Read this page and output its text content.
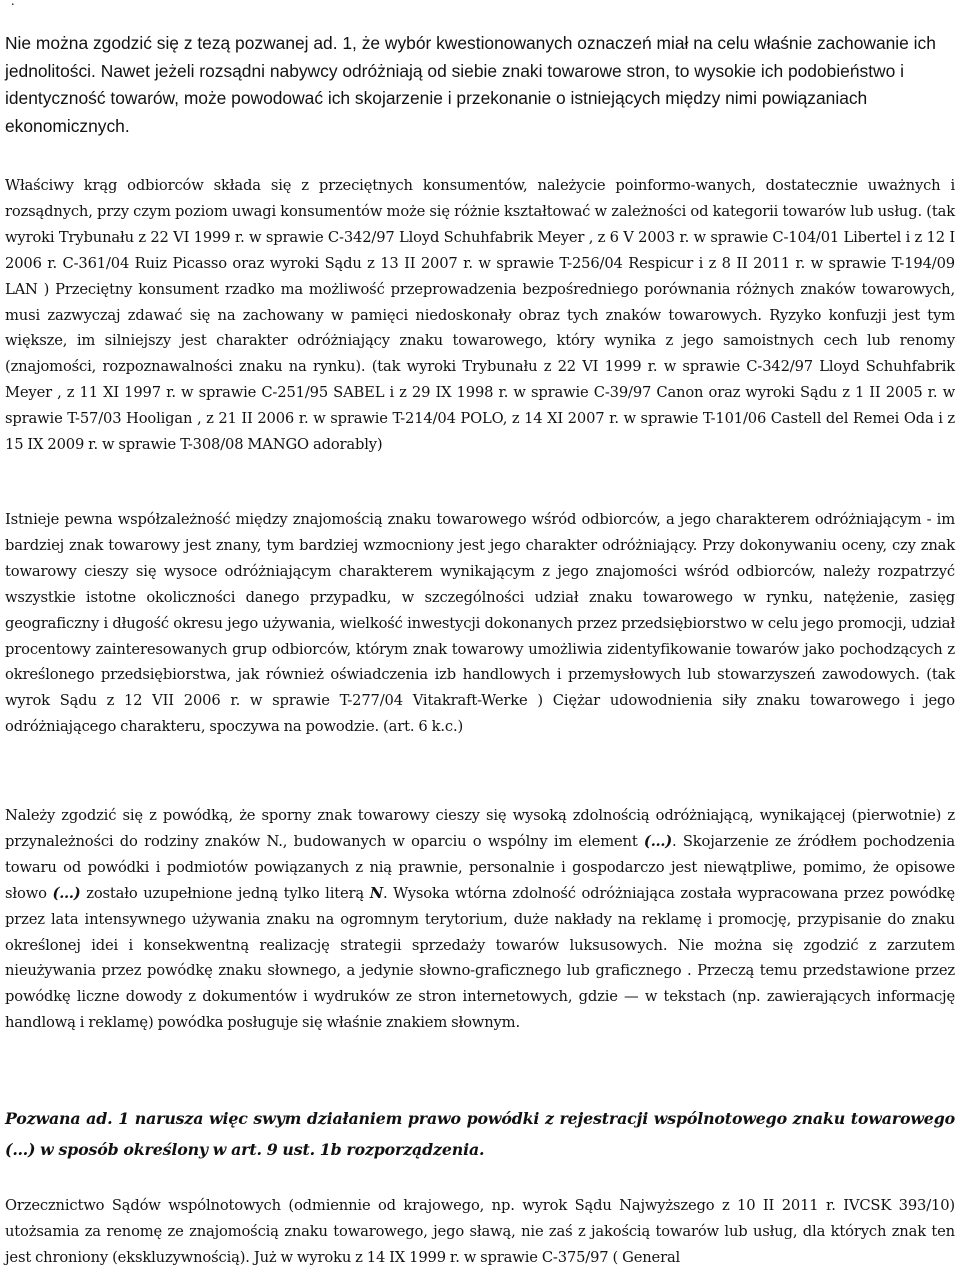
.

Nie można zgodzić się z tezą pozwanej ad. 1, że wybór kwestionowanych oznaczeń miał na celu właśnie zachowanie ich jednolitości. Nawet jeżeli rozsądni nabywcy odróżniają od siebie znaki towarowe stron, to wysokie ich podobieństwo i identyczność towarów, może powodować ich skojarzenie i przekonanie o istniejących między nimi powiązaniach ekonomicznych.

Właściwy krąg odbiorców składa się z przeciętnych konsumentów, należycie poinformo-wanych, dostatecznie uważnych i rozsądnych, przy czym poziom uwagi konsumentów może się różnie kształtować w zależności od kategorii towarów lub usług. (tak wyroki Trybunału z 22 VI 1999 r. w sprawie C-342/97 Lloyd Schuhfabrik Meyer , z 6 V 2003 r. w sprawie C-104/01 Libertel i z 12 I 2006 r. C-361/04 Ruiz Picasso oraz wyroki Sądu z 13 II 2007 r. w sprawie T-256/04 Respicur i z 8 II 2011 r. w sprawie T-194/09 LAN ) Przeciętny konsument rzadko ma możliwość przeprowadzenia bezpośredniego porównania różnych znaków towarowych, musi zazwyczaj zdawać się na zachowany w pamięci niedoskonały obraz tych znaków towarowych. Ryzyko konfuzji jest tym większe, im silniejszy jest charakter odróżniający znaku towarowego, który wynika z jego samoistnych cech lub renomy (znajomości, rozpoznawalności znaku na rynku). (tak wyroki Trybunału z 22 VI 1999 r. w sprawie C-342/97 Lloyd Schuhfabrik Meyer , z 11 XI 1997 r. w sprawie C-251/95 SABEL i z 29 IX 1998 r. w sprawie C-39/97 Canon oraz wyroki Sądu z 1 II 2005 r. w sprawie T-57/03 Hooligan , z 21 II 2006 r. w sprawie T-214/04 POLO, z 14 XI 2007 r. w sprawie T-101/06 Castell del Remei Oda i z 15 IX 2009 r. w sprawie T-308/08 MANGO adorably)

Istnieje pewna współzależność między znajomością znaku towarowego wśród odbiorców, a jego charakterem odróżniającym - im bardziej znak towarowy jest znany, tym bardziej wzmocniony jest jego charakter odróżniający. Przy dokonywaniu oceny, czy znak towarowy cieszy się wysoce odróżniającym charakterem wynikającym z jego znajomości wśród odbiorców, należy rozpatrzyć wszystkie istotne okoliczności danego przypadku, w szczególności udział znaku towarowego w rynku, natężenie, zasięg geograficzny i długość okresu jego używania, wielkość inwestycji dokonanych przez przedsiębiorstwo w celu jego promocji, udział procentowy zainteresowanych grup odbiorców, którym znak towarowy umożliwia zidentyfikowanie towarów jako pochodzących z określonego przedsiębiorstwa, jak również oświadczenia izb handlowych i przemysłowych lub stowarzyszeń zawodowych. (tak wyrok Sądu z 12 VII 2006 r. w sprawie T-277/04 Vitakraft-Werke ) Ciężar udowodnienia siły znaku towarowego i jego odróżniającego charakteru, spoczywa na powodzie. (art. 6 k.c.)

Należy zgodzić się z powódką, że sporny znak towarowy cieszy się wysoką zdolnością odróżniającą, wynikającej (pierwotnie) z przynależności do rodziny znaków N., budowanych w oparciu o wspólny im element (…). Skojarzenie ze źródłem pochodzenia towaru od powódki i podmiotów powiązanych z nią prawnie, personalnie i gospodarczo jest niewątpliwe, pomimo, że opisowe słowo (…) zostało uzupełnione jedną tylko literą N. Wysoka wtórna zdolność odróżniająca została wypracowana przez powódkę przez lata intensywnego używania znaku na ogromnym terytorium, duże nakłady na reklamę i promocję, przypisanie do znaku określonej idei i konsekwentną realizację strategii sprzedaży towarów luksusowych. Nie można się zgodzić z zarzutem nieużywania przez powódkę znaku słownego, a jedynie słowno-graficznego lub graficznego . Przeczą temu przedstawione przez powódkę liczne dowody z dokumentów i wydruków ze stron internetowych, gdzie — w tekstach (np. zawierających informację handlową i reklamę) powódka posługuje się właśnie znakiem słownym.

Pozwana ad. 1 narusza więc swym działaniem prawo powódki z rejestracji wspólnotowego znaku towarowego (…) w sposób określony w art. 9 ust. 1b rozporządzenia.

Orzecznictwo Sądów wspólnotowych (odmiennie od krajowego, np. wyrok Sądu Najwyższego z 10 II 2011 r. IVCSK 393/10) utożsamia za renomę ze znajomością znaku towarowego, jego sławą, nie zaś z jakością towarów lub usług, dla których znak ten jest chroniony (ekskluzywnością). Już w wyroku z 14 IX 1999 r. w sprawie C-375/97 ( General
